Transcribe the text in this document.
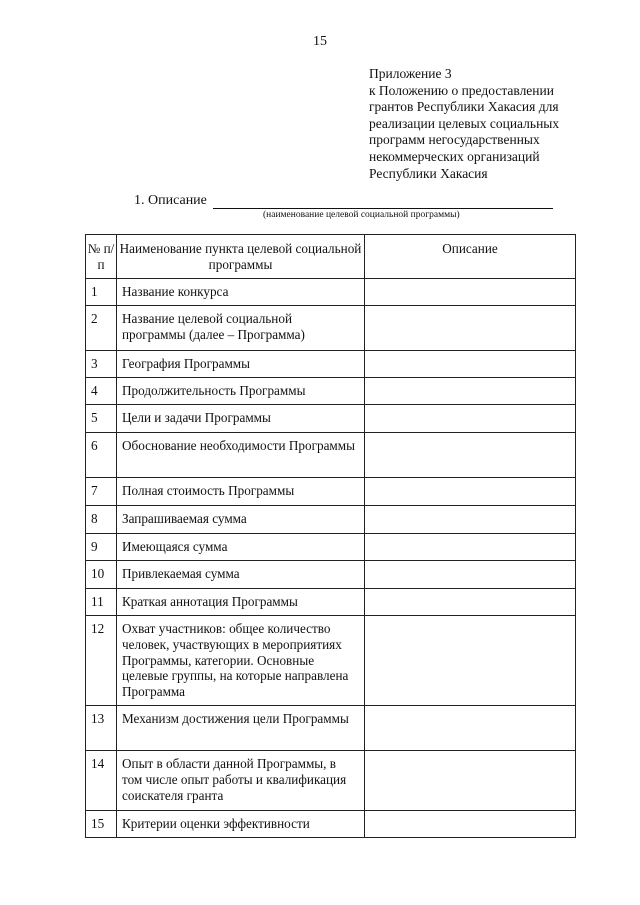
15
Приложение 3
к Положению о предоставлении
грантов Республики Хакасия для
реализации целевых социальных
программ негосударственных
некоммерческих организаций
Республики Хакасия
1. Описание
(наименование целевой социальной программы)
№ п/п	Наименование пункта целевой социальной программы	Описание
1	Название конкурса	
2	Название целевой социальной программы (далее – Программа)	
3	География Программы	
4	Продолжительность Программы	
5	Цели и задачи Программы	
6	Обоснование необходимости Программы	
7	Полная стоимость Программы	
8	Запрашиваемая сумма	
9	Имеющаяся сумма	
10	Привлекаемая сумма	
11	Краткая аннотация Программы	
12	Охват участников: общее количество человек, участвующих в мероприятиях Программы, категории. Основные целевые группы, на которые направлена Программа	
13	Механизм достижения цели Программы	
14	Опыт в области данной Программы, в том числе опыт работы и квалификация соискателя гранта	
15	Критерии оценки эффективности	
